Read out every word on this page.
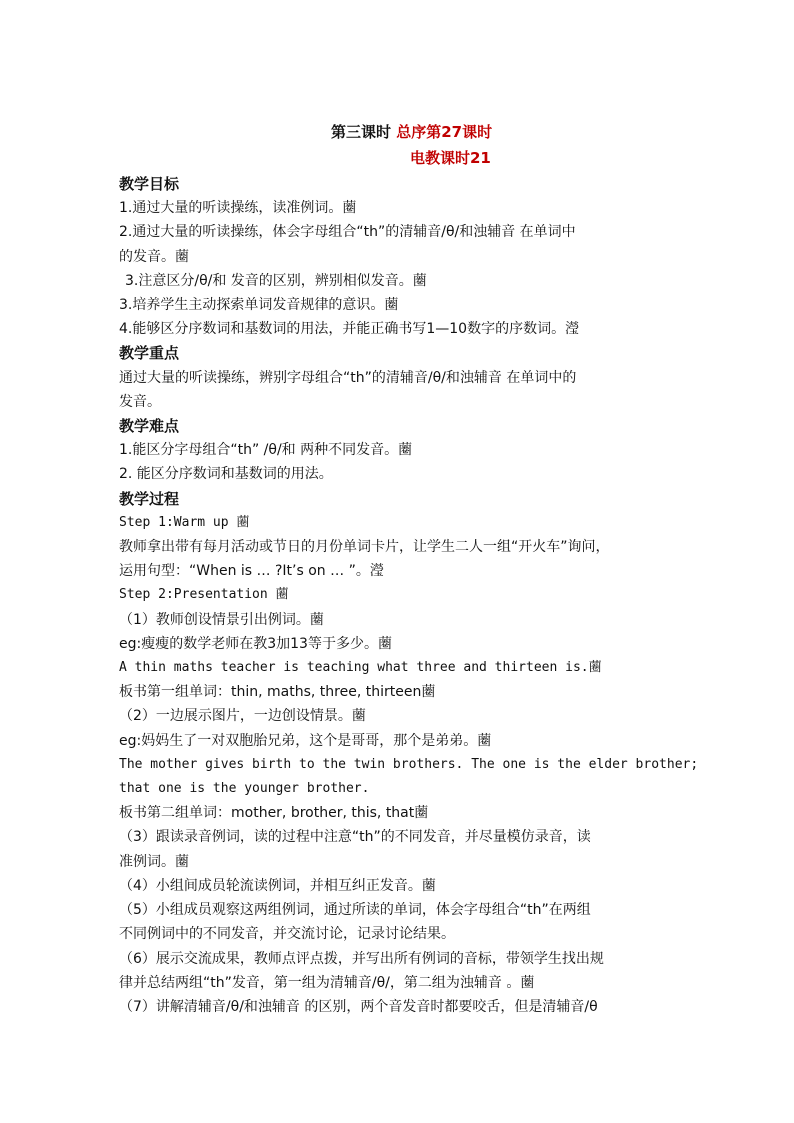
第三课时 总序第27课时
电教课时21
教学目标
1.通过大量的听读操练，读准例词。蔨
2.通过大量的听读操练，体会字母组合“th”的清辅音/θ/和浊辅音 在单词中
的发音。蔨
3.注意区分/θ/和 发音的区别，辨别相似发音。蔨
3.培养学生主动探索单词发音规律的意识。蔨
4.能够区分序数词和基数词的用法，并能正确书写1—10数字的序数词。瀅
教学重点
通过大量的听读操练，辨别字母组合“th”的清辅音/θ/和浊辅音 在单词中的
发音。
教学难点
1.能区分字母组合“th” /θ/和 两种不同发音。蔨
2. 能区分序数词和基数词的用法。
教学过程
Step 1:Warm up 蔨
教师拿出带有每月活动或节日的月份单词卡片，让学生二人一组“开火车”询问，
运用句型：“When is … ?It’s on … ”。瀅
Step 2:Presentation 蔨
（1）教师创设情景引出例词。蔨
eg:瘦瘦的数学老师在教3加13等于多少。蔨
A thin maths teacher is teaching what three and thirteen is.蔨
板书第一组单词：thin, maths, three, thirteen蔨
（2）一边展示图片，一边创设情景。蔨
eg:妈妈生了一对双胞胎兄弟，这个是哥哥，那个是弟弟。蔨
The mother gives birth to the twin brothers. The one is the elder brother;
that one is the younger brother.
板书第二组单词：mother, brother, this, that蔨
（3）跟读录音例词，读的过程中注意“th”的不同发音，并尽量模仿录音，读
准例词。蔨
（4）小组间成员轮流读例词，并相互纠正发音。蔨
（5）小组成员观察这两组例词，通过所读的单词，体会字母组合“th”在两组
不同例词中的不同发音，并交流讨论，记录讨论结果。
（6）展示交流成果，教师点评点拨，并写出所有例词的音标，带领学生找出规
律并总结两组“th”发音，第一组为清辅音/θ/，第二组为浊辅音 。蔨
（7）讲解清辅音/θ/和浊辅音 的区别，两个音发音时都要咬舌，但是清辅音/θ
